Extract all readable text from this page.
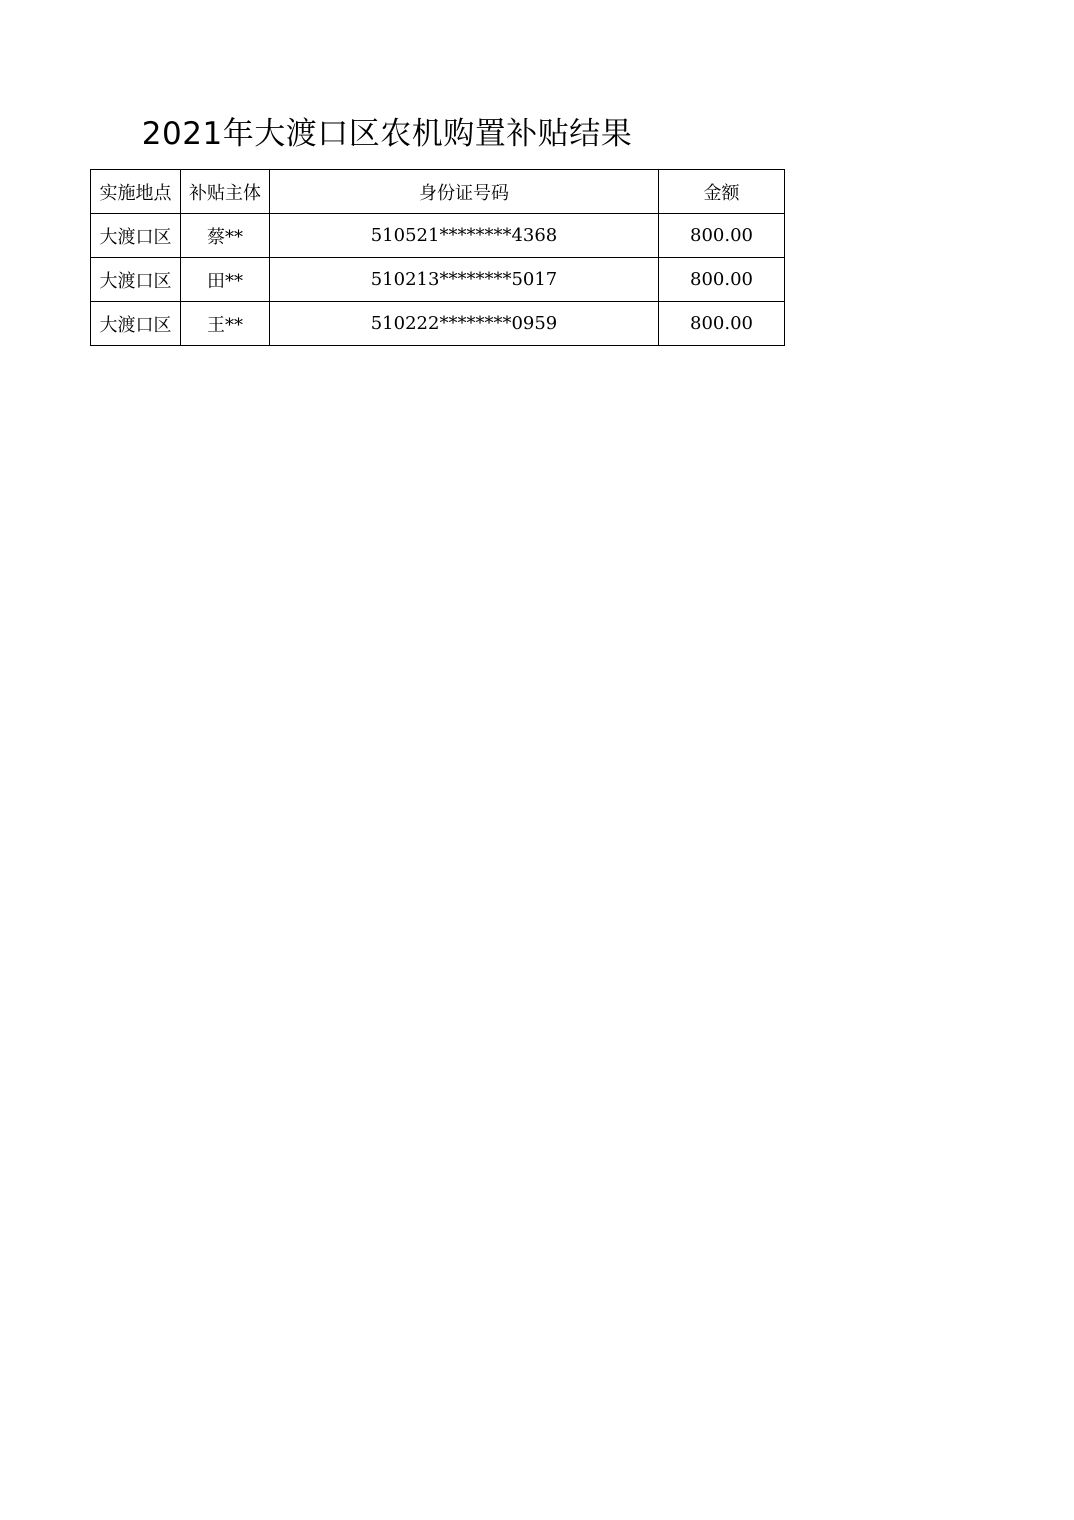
2021年大渡口区农机购置补贴结果
实施地点	补贴主体	身份证号码	金额
大渡口区	蔡**	510521********4368	800.00
大渡口区	田**	510213********5017	800.00
大渡口区	王**	510222********0959	800.00
